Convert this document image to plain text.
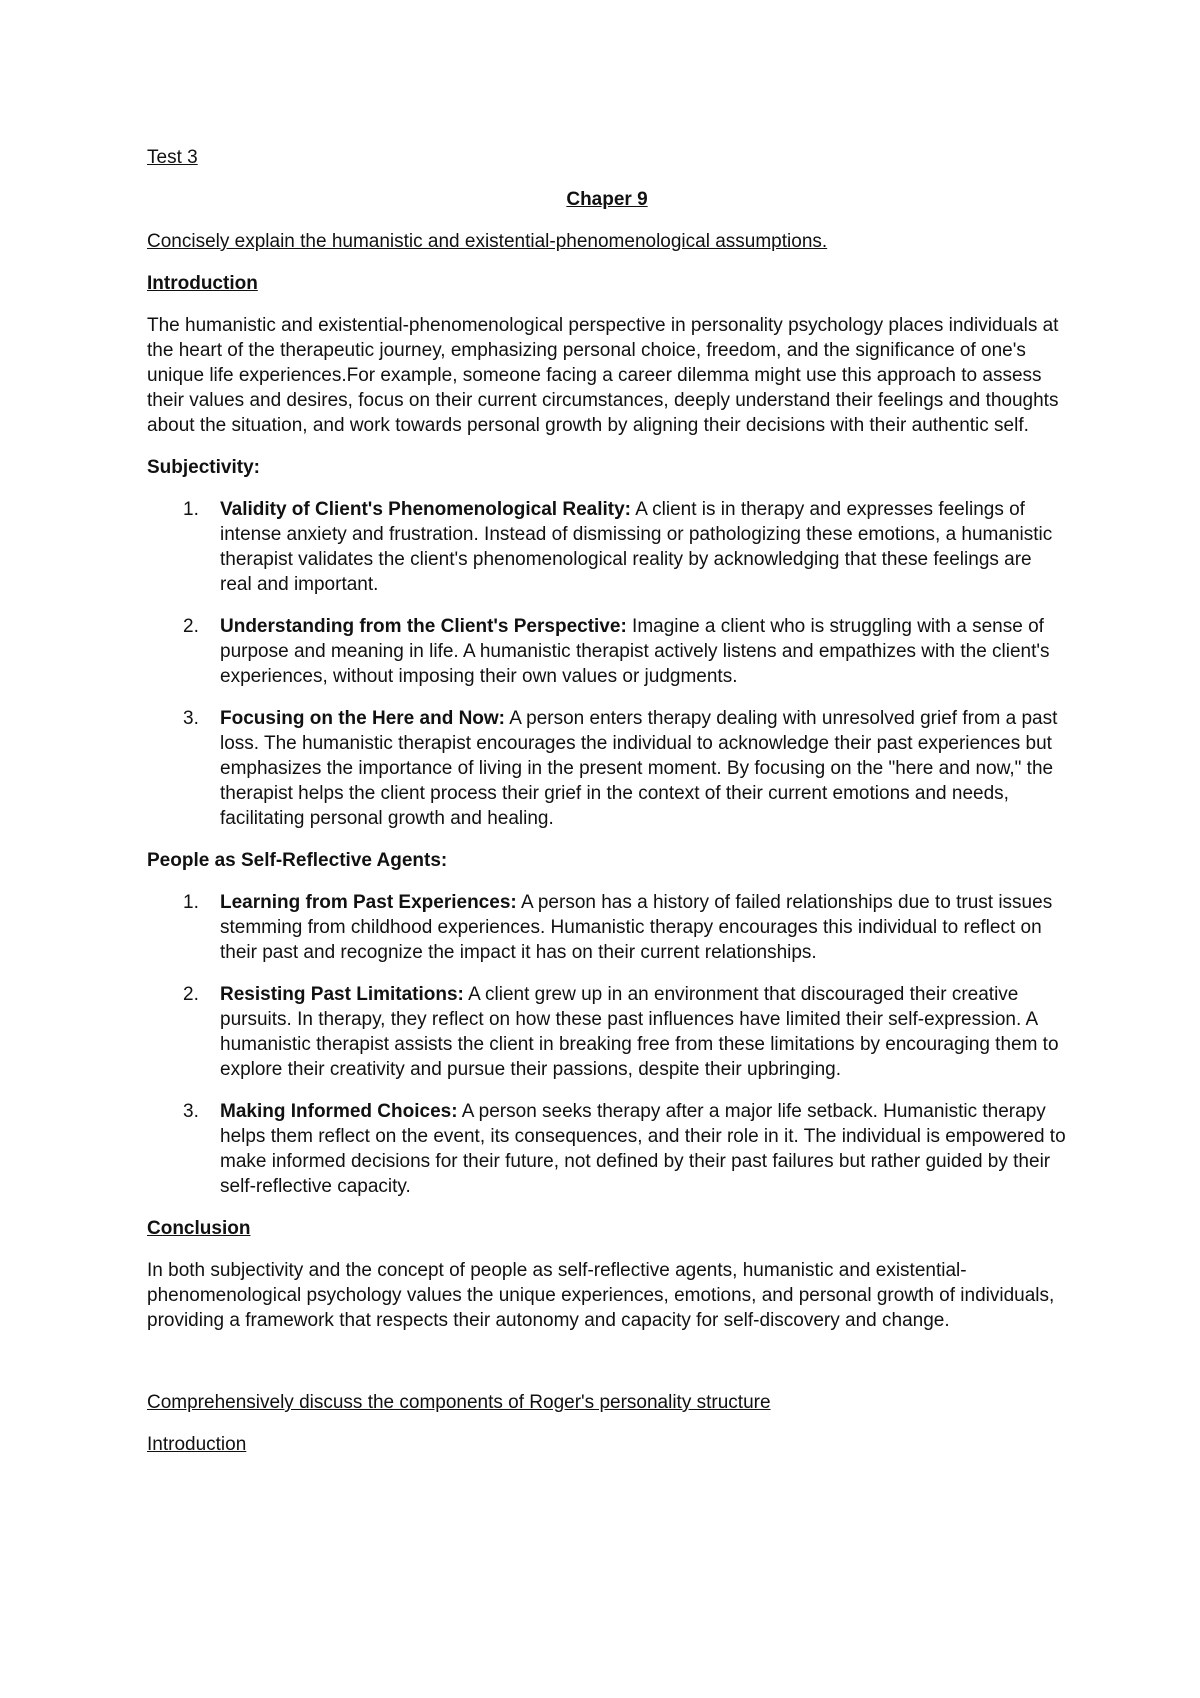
Test 3

Chaper 9

Concisely explain the humanistic and existential-phenomenological assumptions.

Introduction

The humanistic and existential-phenomenological perspective in personality psychology places individuals at the heart of the therapeutic journey, emphasizing personal choice, freedom, and the significance of one's unique life experiences.For example, someone facing a career dilemma might use this approach to assess their values and desires, focus on their current circumstances, deeply understand their feelings and thoughts about the situation, and work towards personal growth by aligning their decisions with their authentic self.

Subjectivity:

1. Validity of Client's Phenomenological Reality: A client is in therapy and expresses feelings of intense anxiety and frustration. Instead of dismissing or pathologizing these emotions, a humanistic therapist validates the client's phenomenological reality by acknowledging that these feelings are real and important.
2. Understanding from the Client's Perspective: Imagine a client who is struggling with a sense of purpose and meaning in life. A humanistic therapist actively listens and empathizes with the client's experiences, without imposing their own values or judgments.
3. Focusing on the Here and Now: A person enters therapy dealing with unresolved grief from a past loss. The humanistic therapist encourages the individual to acknowledge their past experiences but emphasizes the importance of living in the present moment. By focusing on the "here and now," the therapist helps the client process their grief in the context of their current emotions and needs, facilitating personal growth and healing.

People as Self-Reflective Agents:

1. Learning from Past Experiences: A person has a history of failed relationships due to trust issues stemming from childhood experiences. Humanistic therapy encourages this individual to reflect on their past and recognize the impact it has on their current relationships.
2. Resisting Past Limitations: A client grew up in an environment that discouraged their creative pursuits. In therapy, they reflect on how these past influences have limited their self-expression. A humanistic therapist assists the client in breaking free from these limitations by encouraging them to explore their creativity and pursue their passions, despite their upbringing.
3. Making Informed Choices: A person seeks therapy after a major life setback. Humanistic therapy helps them reflect on the event, its consequences, and their role in it. The individual is empowered to make informed decisions for their future, not defined by their past failures but rather guided by their self-reflective capacity.

Conclusion

In both subjectivity and the concept of people as self-reflective agents, humanistic and existential-phenomenological psychology values the unique experiences, emotions, and personal growth of individuals, providing a framework that respects their autonomy and capacity for self-discovery and change.

Comprehensively discuss the components of Roger's personality structure

Introduction
